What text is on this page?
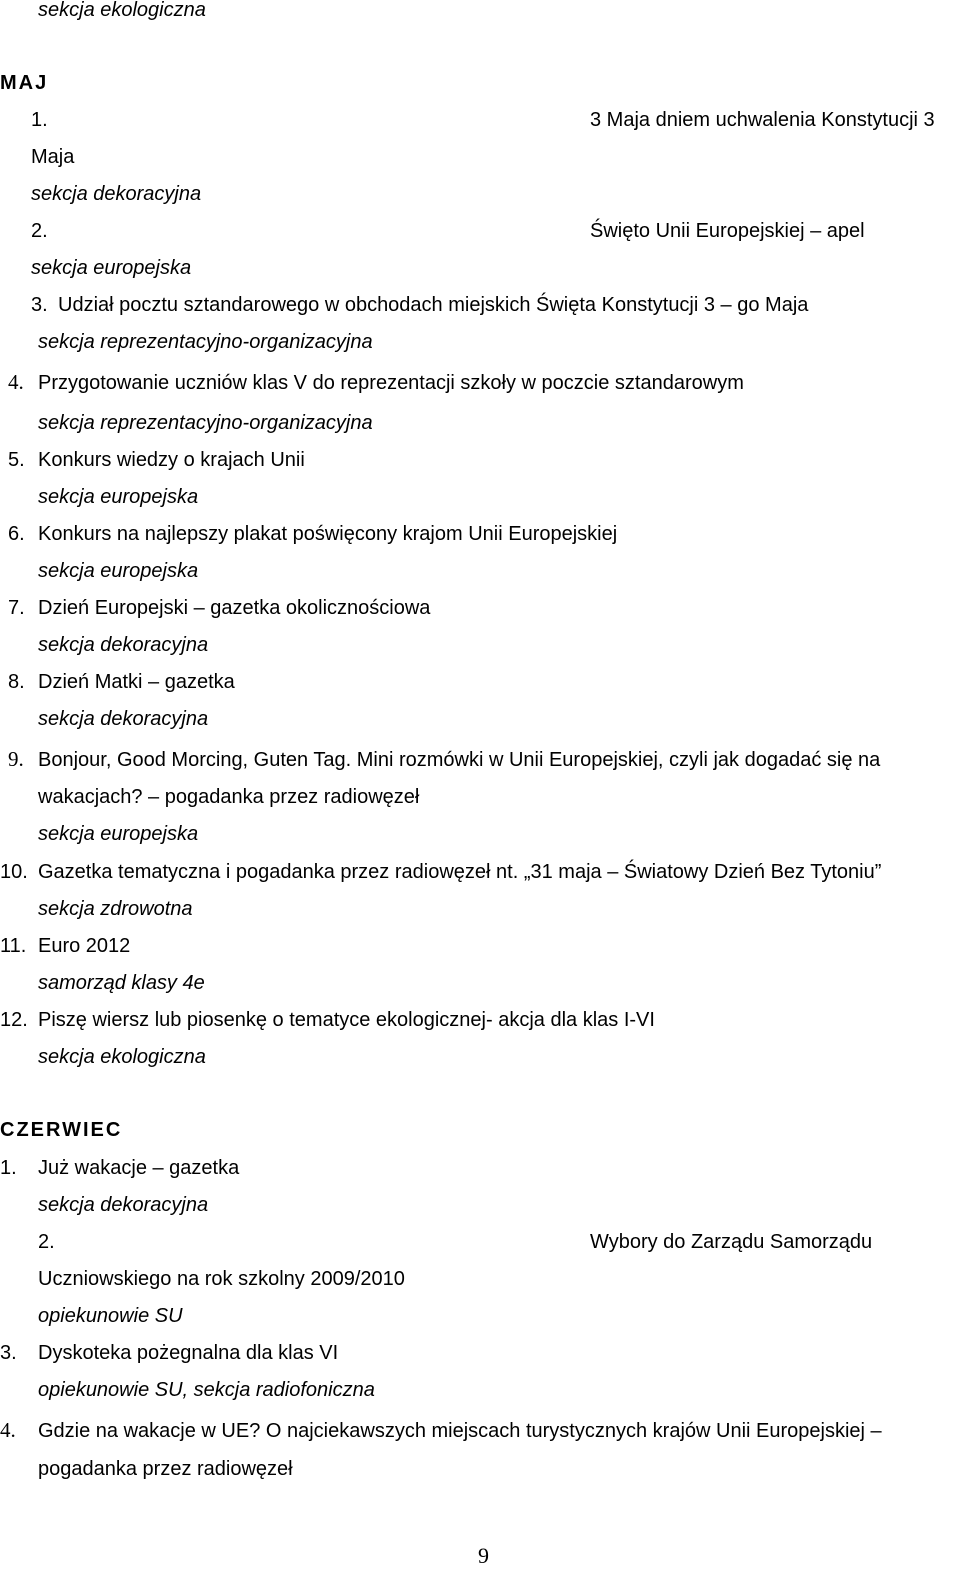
sekcja ekologiczna
MAJ
1.	3 Maja dniem uchwalenia Konstytucji 3
Maja
sekcja dekoracyjna
2.	Święto Unii Europejskiej – apel
sekcja europejska
3. Udział pocztu sztandarowego w obchodach miejskich Święta Konstytucji 3 – go Maja
sekcja reprezentacyjno-organizacyjna
4. Przygotowanie uczniów klas V do reprezentacji szkoły w poczcie sztandarowym
sekcja reprezentacyjno-organizacyjna
5. Konkurs wiedzy o krajach Unii
sekcja europejska
6. Konkurs na najlepszy plakat poświęcony krajom Unii Europejskiej
sekcja europejska
7. Dzień Europejski – gazetka okolicznościowa
sekcja dekoracyjna
8. Dzień Matki – gazetka
sekcja dekoracyjna
9. Bonjour, Good Morcing, Guten Tag. Mini rozmówki w Unii Europejskiej, czyli jak dogadać się na
wakacjach? – pogadanka przez radiowęzeł
sekcja europejska
10. Gazetka tematyczna i pogadanka przez radiowęzeł nt. „31 maja – Światowy Dzień Bez Tytoniu”
sekcja zdrowotna
11. Euro 2012
samorząd klasy 4e
12. Piszę wiersz lub piosenkę o tematyce ekologicznej- akcja dla klas I-VI
sekcja ekologiczna
CZERWIEC
1. Już wakacje – gazetka
sekcja dekoracyjna
2.	Wybory do Zarządu Samorządu
Uczniowskiego na rok szkolny 2009/2010
opiekunowie SU
3. Dyskoteka pożegnalna dla klas VI
opiekunowie SU, sekcja radiofoniczna
4. Gdzie na wakacje w UE? O najciekawszych miejscach turystycznych krajów Unii Europejskiej –
pogadanka przez radiowęzeł
9
